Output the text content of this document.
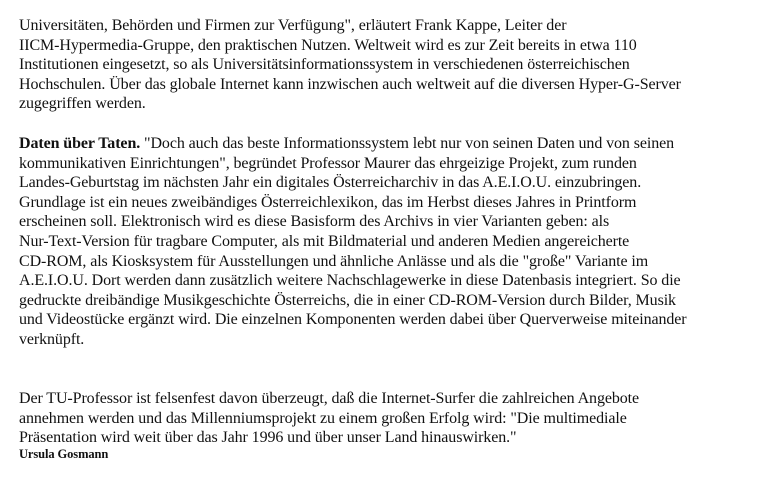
Universitäten, Behörden und Firmen zur Verfügung", erläutert Frank Kappe, Leiter der
IICM-Hypermedia-Gruppe, den praktischen Nutzen. Weltweit wird es zur Zeit bereits in etwa 110
Institutionen eingesetzt, so als Universitätsinformationssystem in verschiedenen österreichischen
Hochschulen. Über das globale Internet kann inzwischen auch weltweit auf die diversen Hyper-G-Server
zugegriffen werden.

Daten über Taten. "Doch auch das beste Informationssystem lebt nur von seinen Daten und von seinen
kommunikativen Einrichtungen", begründet Professor Maurer das ehrgeizige Projekt, zum runden
Landes-Geburtstag im nächsten Jahr ein digitales Österreicharchiv in das A.E.I.O.U. einzubringen.
Grundlage ist ein neues zweibändiges Österreichlexikon, das im Herbst dieses Jahres in Printform
erscheinen soll. Elektronisch wird es diese Basisform des Archivs in vier Varianten geben: als
Nur-Text-Version für tragbare Computer, als mit Bildmaterial und anderen Medien angereicherte
CD-ROM, als Kiosksystem für Ausstellungen und ähnliche Anlässe und als die "große" Variante im
A.E.I.O.U. Dort werden dann zusätzlich weitere Nachschlagewerke in diese Datenbasis integriert. So die
gedruckte dreibändige Musikgeschichte Österreichs, die in einer CD-ROM-Version durch Bilder, Musik
und Videostücke ergänzt wird. Die einzelnen Komponenten werden dabei über Querverweise miteinander
verknüpft.

Der TU-Professor ist felsenfest davon überzeugt, daß die Internet-Surfer die zahlreichen Angebote
annehmen werden und das Millenniumsprojekt zu einem großen Erfolg wird: "Die multimediale
Präsentation wird weit über das Jahr 1996 und über unser Land hinauswirken."

Ursula Gosmann
